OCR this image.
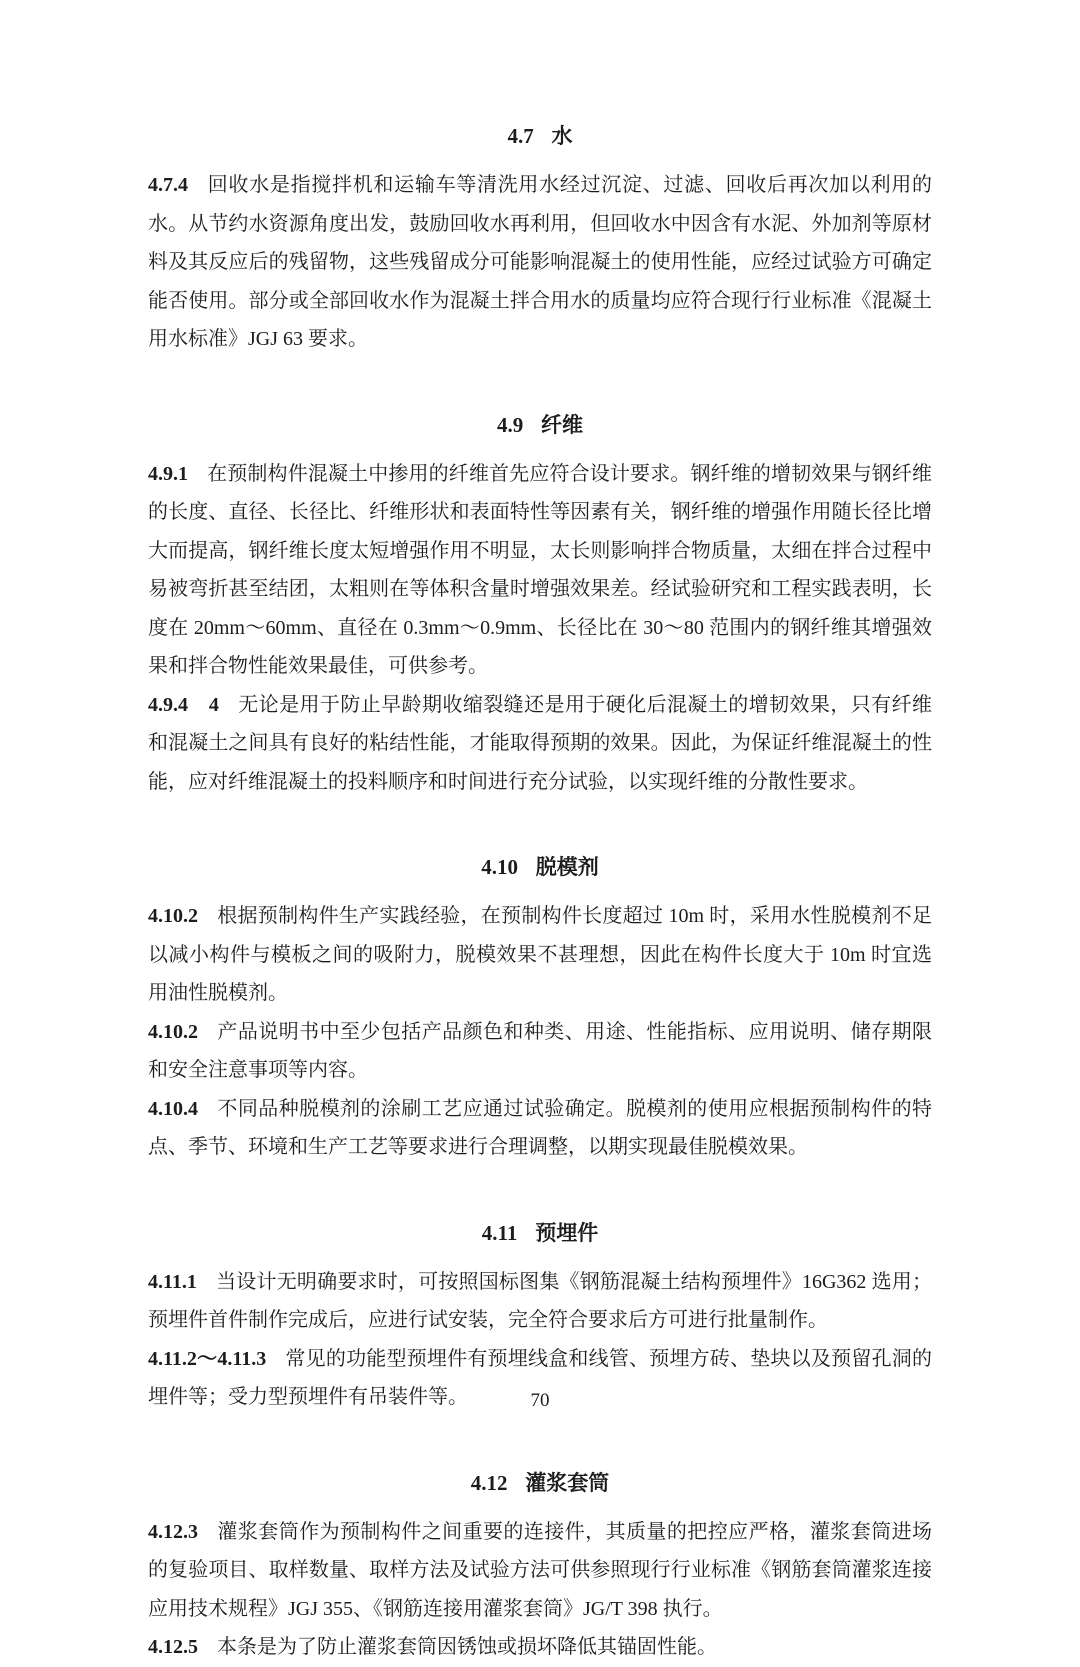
4.7 水

4.7.4 回收水是指搅拌机和运输车等清洗用水经过沉淀、过滤、回收后再次加以利用的水。从节约水资源角度出发，鼓励回收水再利用，但回收水中因含有水泥、外加剂等原材料及其反应后的残留物，这些残留成分可能影响混凝土的使用性能，应经过试验方可确定能否使用。部分或全部回收水作为混凝土拌合用水的质量均应符合现行行业标准《混凝土用水标准》JGJ 63 要求。

4.9 纤维

4.9.1 在预制构件混凝土中掺用的纤维首先应符合设计要求。钢纤维的增韧效果与钢纤维的长度、直径、长径比、纤维形状和表面特性等因素有关，钢纤维的增强作用随长径比增大而提高，钢纤维长度太短增强作用不明显，太长则影响拌合物质量，太细在拌合过程中易被弯折甚至结团，太粗则在等体积含量时增强效果差。经试验研究和工程实践表明，长度在 20mm～60mm、直径在 0.3mm～0.9mm、长径比在 30～80 范围内的钢纤维其增强效果和拌合物性能效果最佳，可供参考。

4.9.4　4 无论是用于防止早龄期收缩裂缝还是用于硬化后混凝土的增韧效果，只有纤维和混凝土之间具有良好的粘结性能，才能取得预期的效果。因此，为保证纤维混凝土的性能，应对纤维混凝土的投料顺序和时间进行充分试验，以实现纤维的分散性要求。

4.10 脱模剂

4.10.2 根据预制构件生产实践经验，在预制构件长度超过 10m 时，采用水性脱模剂不足以减小构件与模板之间的吸附力，脱模效果不甚理想，因此在构件长度大于 10m 时宜选用油性脱模剂。

4.10.2 产品说明书中至少包括产品颜色和种类、用途、性能指标、应用说明、储存期限和安全注意事项等内容。

4.10.4 不同品种脱模剂的涂刷工艺应通过试验确定。脱模剂的使用应根据预制构件的特点、季节、环境和生产工艺等要求进行合理调整，以期实现最佳脱模效果。

4.11 预埋件

4.11.1 当设计无明确要求时，可按照国标图集《钢筋混凝土结构预埋件》16G362 选用；预埋件首件制作完成后，应进行试安装，完全符合要求后方可进行批量制作。

4.11.2～4.11.3 常见的功能型预埋件有预埋线盒和线管、预埋方砖、垫块以及预留孔洞的埋件等；受力型预埋件有吊装件等。

4.12 灌浆套筒

4.12.3 灌浆套筒作为预制构件之间重要的连接件，其质量的把控应严格，灌浆套筒进场的复验项目、取样数量、取样方法及试验方法可供参照现行行业标准《钢筋套筒灌浆连接应用技术规程》JGJ 355、《钢筋连接用灌浆套筒》JG/T 398 执行。

4.12.5 本条是为了防止灌浆套筒因锈蚀或损坏降低其锚固性能。

70
